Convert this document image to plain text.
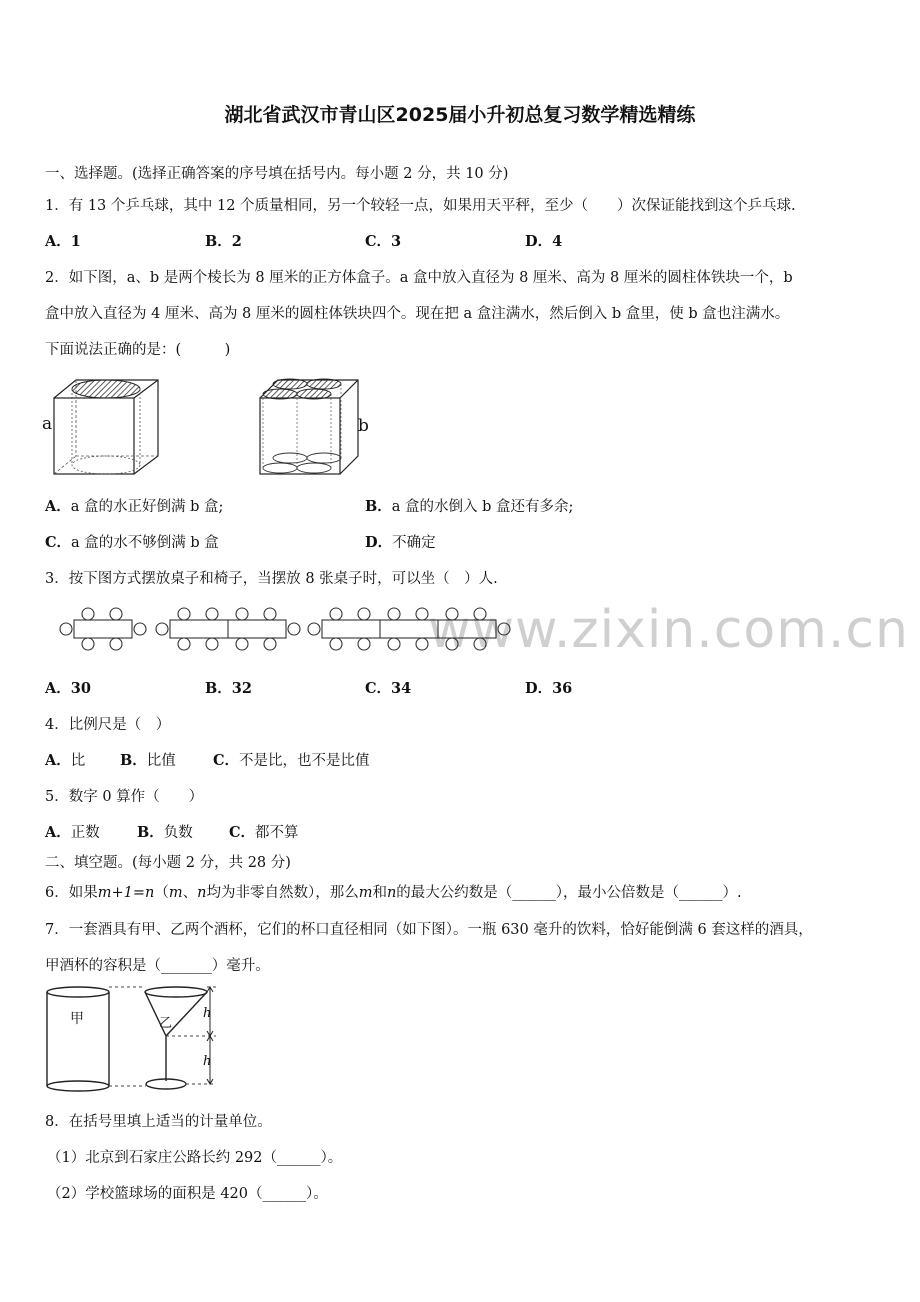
湖北省武汉市青山区2025届小升初总复习数学精选精练
www.zixin.com.cn
一、选择题。(选择正确答案的序号填在括号内。每小题 2 分，共 10 分)
1．有 13 个乒乓球，其中 12 个质量相同，另一个较轻一点，如果用天平秤，至少（　　）次保证能找到这个乒乓球.
A．1	B．2	C．3	D．4
2．如下图，a、b 是两个棱长为 8 厘米的正方体盒子。a 盒中放入直径为 8 厘米、高为 8 厘米的圆柱体铁块一个，b
盒中放入直径为 4 厘米、高为 8 厘米的圆柱体铁块四个。现在把 a 盒注满水，然后倒入 b 盒里，使 b 盒也注满水。
下面说法正确的是：(　　　)
a	b
A．a 盒的水正好倒满 b 盒;	B．a 盒的水倒入 b 盒还有多余;
C．a 盒的水不够倒满 b 盒	D．不确定
3．按下图方式摆放桌子和椅子，当摆放 8 张桌子时，可以坐（　）人.
A．30	B．32	C．34	D．36
4．比例尺是（　）
A．比 B．比值	C．不是比，也不是比值
5．数字 0 算作（　　）
A．正数	B．负数 C．都不算
二、填空题。(每小题 2 分，共 28 分)
6．如果m+1=n（m、n均为非零自然数），那么m和n的最大公约数是（______），最小公倍数是（______）.
7．一套酒具有甲、乙两个酒杯，它们的杯口直径相同（如下图）。一瓶 630 毫升的饮料，恰好能倒满 6 套这样的酒具，
甲酒杯的容积是（_______）毫升。
甲	乙
h
h
8．在括号里填上适当的计量单位。
（1）北京到石家庄公路长约 292（______）。
（2）学校篮球场的面积是 420（______）。
